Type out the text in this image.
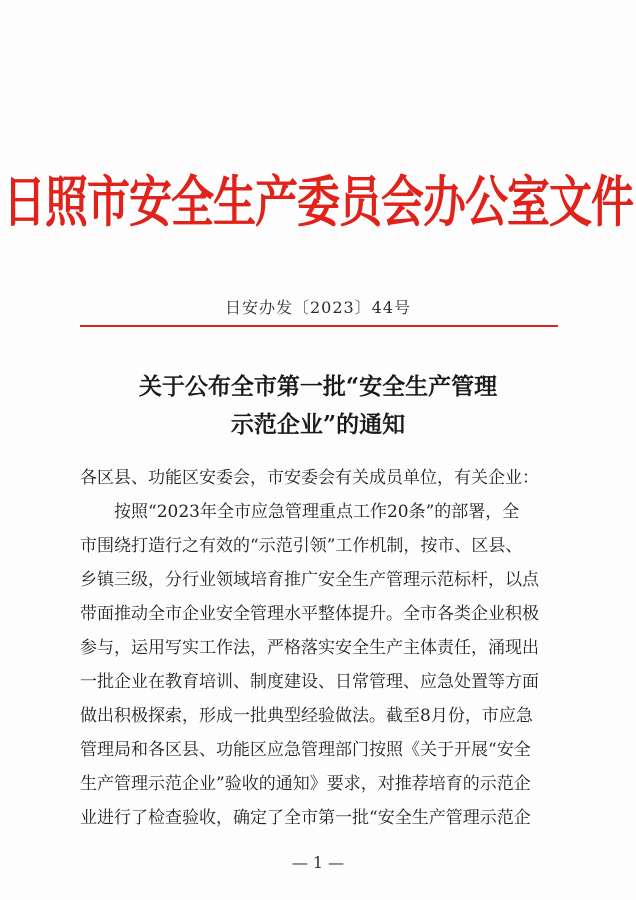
日照市安全生产委员会办公室文件
日安办发〔2023〕44号
关于公布全市第一批“安全生产管理
示范企业”的通知
各区县、功能区安委会，市安委会有关成员单位，有关企业：
按照“2023年全市应急管理重点工作20条”的部署，全
市围绕打造行之有效的“示范引领”工作机制，按市、区县、
乡镇三级，分行业领域培育推广安全生产管理示范标杆，以点
带面推动全市企业安全管理水平整体提升。全市各类企业积极
参与，运用写实工作法，严格落实安全生产主体责任，涌现出
一批企业在教育培训、制度建设、日常管理、应急处置等方面
做出积极探索，形成一批典型经验做法。截至8月份，市应急
管理局和各区县、功能区应急管理部门按照《关于开展“安全
生产管理示范企业”验收的通知》要求，对推荐培育的示范企
业进行了检查验收，确定了全市第一批“安全生产管理示范企
— 1 —
